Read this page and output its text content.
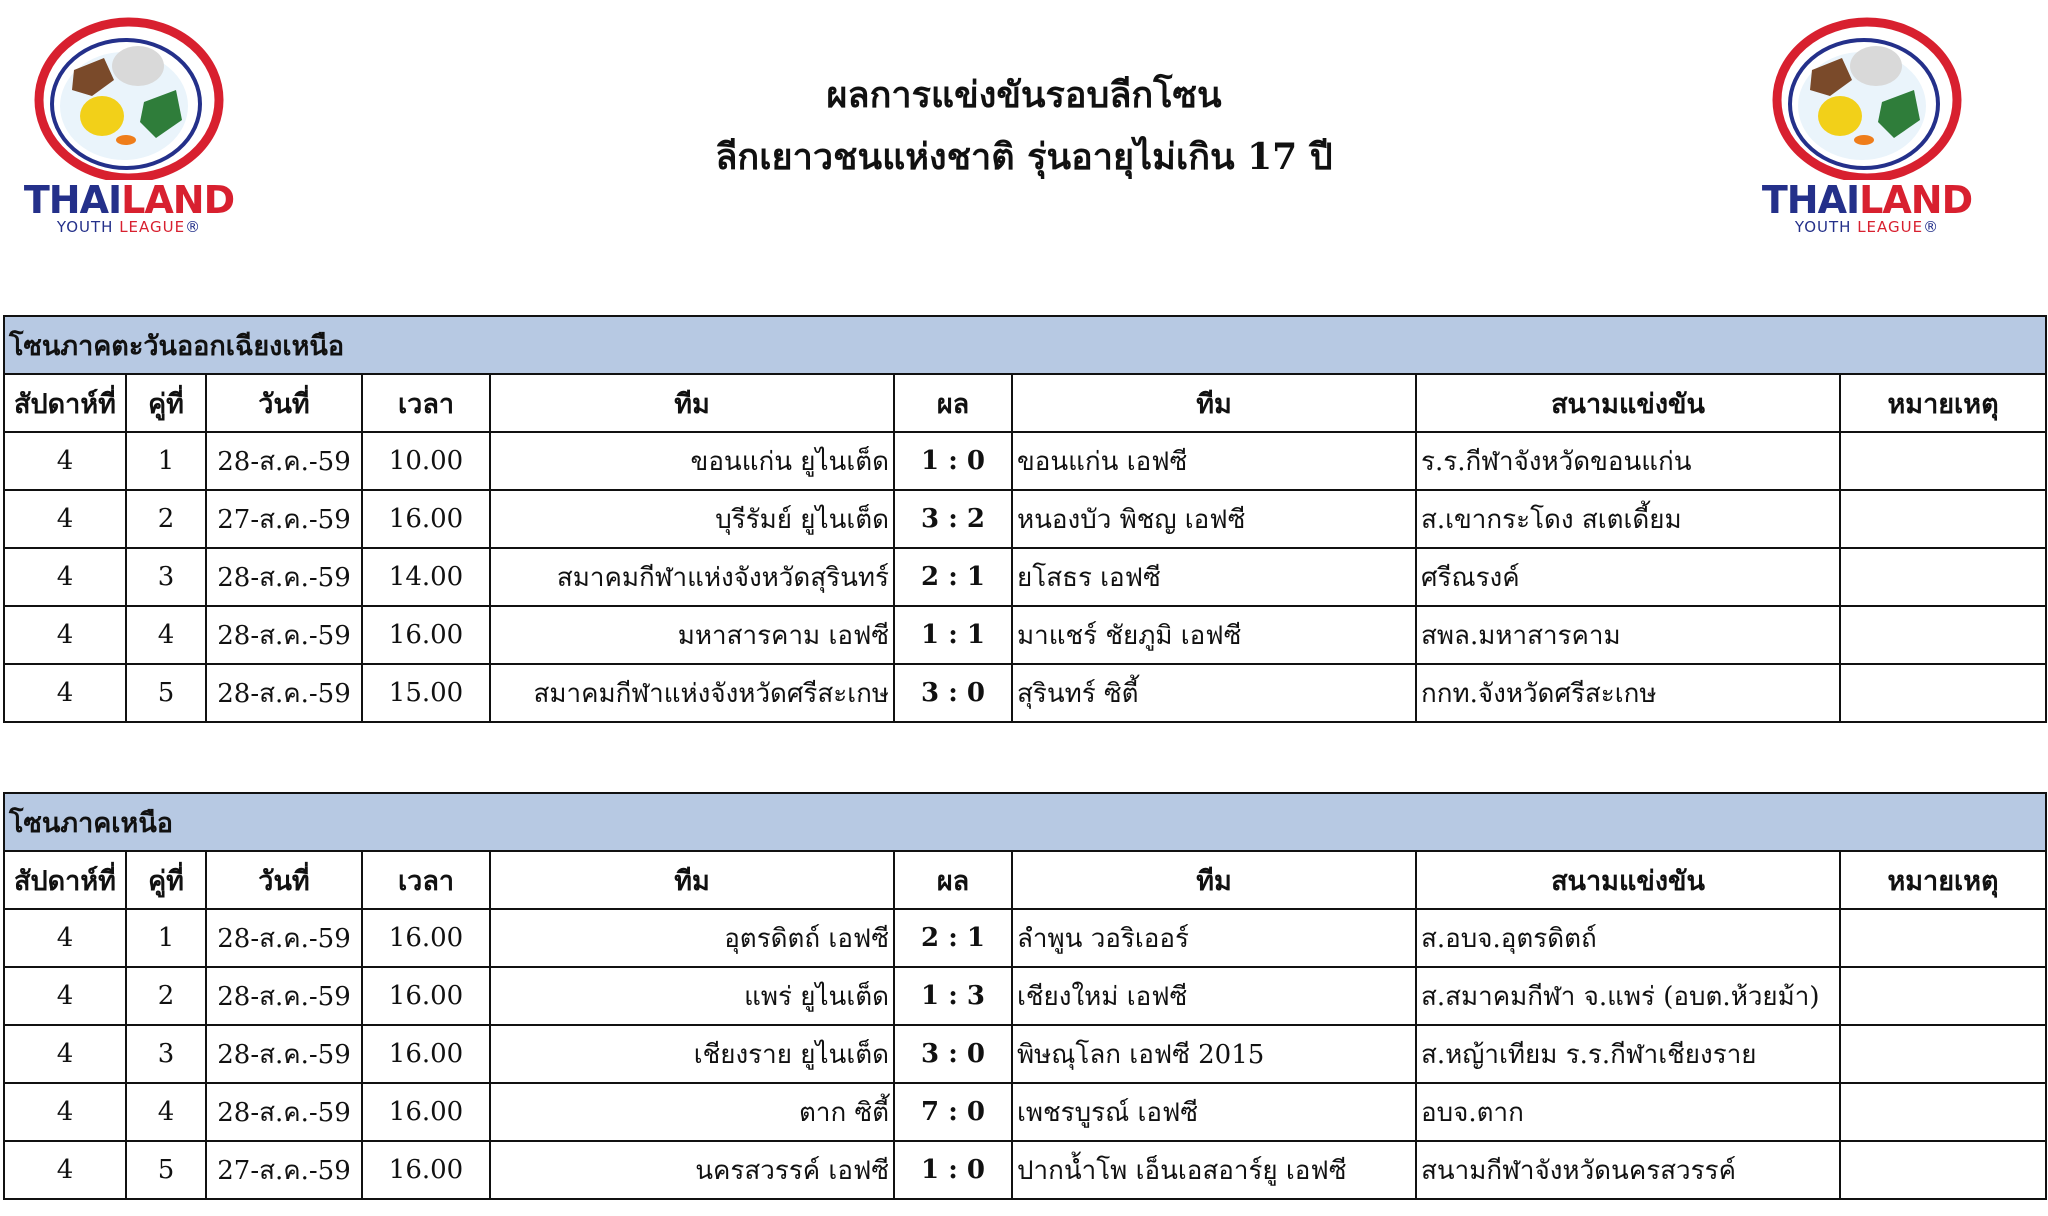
THAILAND
YOUTH LEAGUE®
THAILAND
YOUTH LEAGUE®
ผลการแข่งขันรอบลีกโซน
ลีกเยาวชนแห่งชาติ รุ่นอายุไม่เกิน 17 ปี
โซนภาคตะวันออกเฉียงเหนือ								
สัปดาห์ที่	คู่ที่	วันที่	เวลา	ทีม	ผล	ทีม	สนามแข่งขัน	หมายเหตุ
4	1	28-ส.ค.-59	10.00	ขอนแก่น ยูไนเต็ด	1 : 0	ขอนแก่น เอฟซี	ร.ร.กีฬาจังหวัดขอนแก่น	
4	2	27-ส.ค.-59	16.00	บุรีรัมย์ ยูไนเต็ด	3 : 2	หนองบัว พิชญ เอฟซี	ส.เขากระโดง สเตเดี้ยม	
4	3	28-ส.ค.-59	14.00	สมาคมกีฬาแห่งจังหวัดสุรินทร์	2 : 1	ยโสธร เอฟซี	ศรีณรงค์	
4	4	28-ส.ค.-59	16.00	มหาสารคาม เอฟซี	1 : 1	มาแชร์ ชัยภูมิ เอฟซี	สพล.มหาสารคาม	
4	5	28-ส.ค.-59	15.00	สมาคมกีฬาแห่งจังหวัดศรีสะเกษ	3 : 0	สุรินทร์ ซิตี้	กกท.จังหวัดศรีสะเกษ	
โซนภาคเหนือ								
สัปดาห์ที่	คู่ที่	วันที่	เวลา	ทีม	ผล	ทีม	สนามแข่งขัน	หมายเหตุ
4	1	28-ส.ค.-59	16.00	อุตรดิตถ์ เอฟซี	2 : 1	ลำพูน วอริเออร์	ส.อบจ.อุตรดิตถ์	
4	2	28-ส.ค.-59	16.00	แพร่ ยูไนเต็ด	1 : 3	เชียงใหม่ เอฟซี	ส.สมาคมกีฬา จ.แพร่ (อบต.ห้วยม้า)	
4	3	28-ส.ค.-59	16.00	เชียงราย ยูไนเต็ด	3 : 0	พิษณุโลก เอฟซี 2015	ส.หญ้าเทียม ร.ร.กีฬาเชียงราย	
4	4	28-ส.ค.-59	16.00	ตาก ซิตี้	7 : 0	เพชรบูรณ์ เอฟซี	อบจ.ตาก	
4	5	27-ส.ค.-59	16.00	นครสวรรค์ เอฟซี	1 : 0	ปากน้ำโพ เอ็นเอสอาร์ยู เอฟซี	สนามกีฬาจังหวัดนครสวรรค์	
